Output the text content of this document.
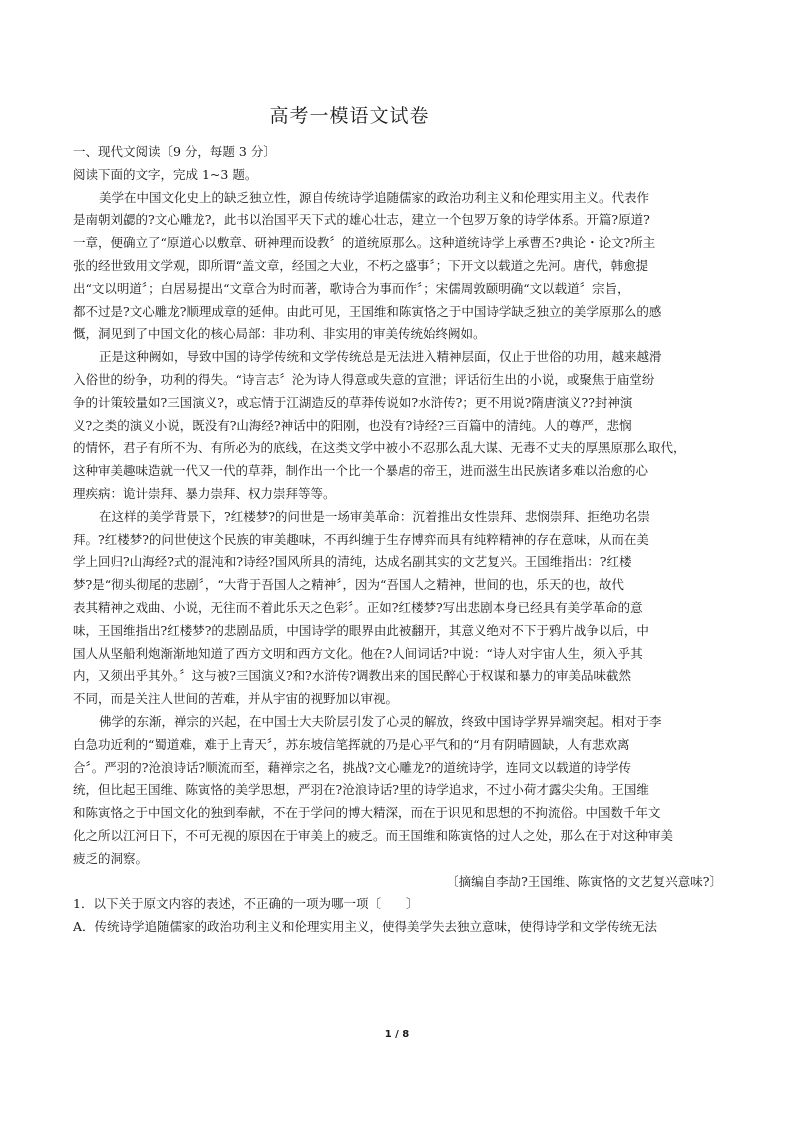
高考一模语文试卷
一、现代文阅读〔9 分，每题 3 分〕
阅读下面的文字，完成 1~3 题。
美学在中国文化史上的缺乏独立性，源自传统诗学追随儒家的政治功利主义和伦理实用主义。代表作
是南朝刘勰的?文心雕龙?，此书以治国平天下式的雄心壮志，建立一个包罗万象的诗学体系。开篇?原道?
一章，便确立了“原道心以敷章、研神理而设教〞的道统原那么。这种道统诗学上承曹丕?典论・论文?所主
张的经世致用文学观，即所谓“盖文章，经国之大业，不朽之盛事〞；下开文以载道之先河。唐代，韩愈提
出“文以明道〞；白居易提出“文章合为时而著，歌诗合为事而作〞；宋儒周敦颐明确“文以载道〞宗旨，
都不过是?文心雕龙?顺理成章的延伸。由此可见，王国维和陈寅恪之于中国诗学缺乏独立的美学原那么的感
慨，洞见到了中国文化的核心局部：非功利、非实用的审美传统始终阙如。
正是这种阙如，导致中国的诗学传统和文学传统总是无法进入精神层面，仅止于世俗的功用，越来越滑
入俗世的纷争，功利的得失。“诗言志〞沦为诗人得意或失意的宣泄；评话衍生出的小说，或聚焦于庙堂纷
争的计策较量如?三国演义?，或忘情于江湖造反的草莽传说如?水浒传?；更不用说?隋唐演义??封神演
义?之类的演义小说，既没有?山海经?神话中的阳刚，也没有?诗经?三百篇中的清纯。人的尊严，悲悯
的情怀，君子有所不为、有所必为的底线，在这类文学中被小不忍那么乱大谋、无毒不丈夫的厚黑原那么取代，
这种审美趣味造就一代又一代的草莽，制作出一个比一个暴虐的帝王，进而滋生出民族诸多难以治愈的心
理疾病：诡计崇拜、暴力崇拜、权力崇拜等等。
在这样的美学背景下，?红楼梦?的问世是一场审美革命：沉着推出女性崇拜、悲悯崇拜、拒绝功名崇
拜。?红楼梦?的问世使这个民族的审美趣味，不再纠缠于生存博弈而具有纯粹精神的存在意味，从而在美
学上回归?山海经?式的混沌和?诗经?国风所具的清纯，达成名副其实的文艺复兴。王国维指出：?红楼
梦?是“彻头彻尾的悲剧〞，“大背于吾国人之精神〞，因为“吾国人之精神，世间的也，乐天的也，故代
表其精神之戏曲、小说，无往而不着此乐天之色彩〞。正如?红楼梦?写出悲剧本身已经具有美学革命的意
味，王国维指出?红楼梦?的悲剧品质，中国诗学的眼界由此被翻开，其意义绝对不下于鸦片战争以后，中
国人从坚船利炮渐渐地知道了西方文明和西方文化。他在?人间词话?中说：“诗人对宇宙人生，须入乎其
内，又须出乎其外。〞这与被?三国演义?和?水浒传?调教出来的国民醉心于权谋和暴力的审美品味截然
不同，而是关注人世间的苦难，并从宇宙的视野加以审视。
佛学的东渐，禅宗的兴起，在中国士大夫阶层引发了心灵的解放，终致中国诗学界异端突起。相对于李
白急功近利的“蜀道难，难于上青天〞，苏东坡信笔挥就的乃是心平气和的“月有阴晴圆缺，人有悲欢离
合〞。严羽的?沧浪诗话?顺流而至，藉禅宗之名，挑战?文心雕龙?的道统诗学，连同文以载道的诗学传
统，但比起王国维、陈寅恪的美学思想，严羽在?沧浪诗话?里的诗学追求，不过小荷才露尖尖角。王国维
和陈寅恪之于中国文化的独到奉献，不在于学问的博大精深，而在于识见和思想的不拘流俗。中国数千年文
化之所以江河日下，不可无视的原因在于审美上的疲乏。而王国维和陈寅恪的过人之处，那么在于对这种审美
疲乏的洞察。
〔摘编自李劼?王国维、陈寅恪的文艺复兴意味?〕
1．以下关于原文内容的表述，不正确的一项为哪一项〔　　〕
A．传统诗学追随儒家的政治功利主义和伦理实用主义，使得美学失去独立意味，使得诗学和文学传统无法
1 / 8
